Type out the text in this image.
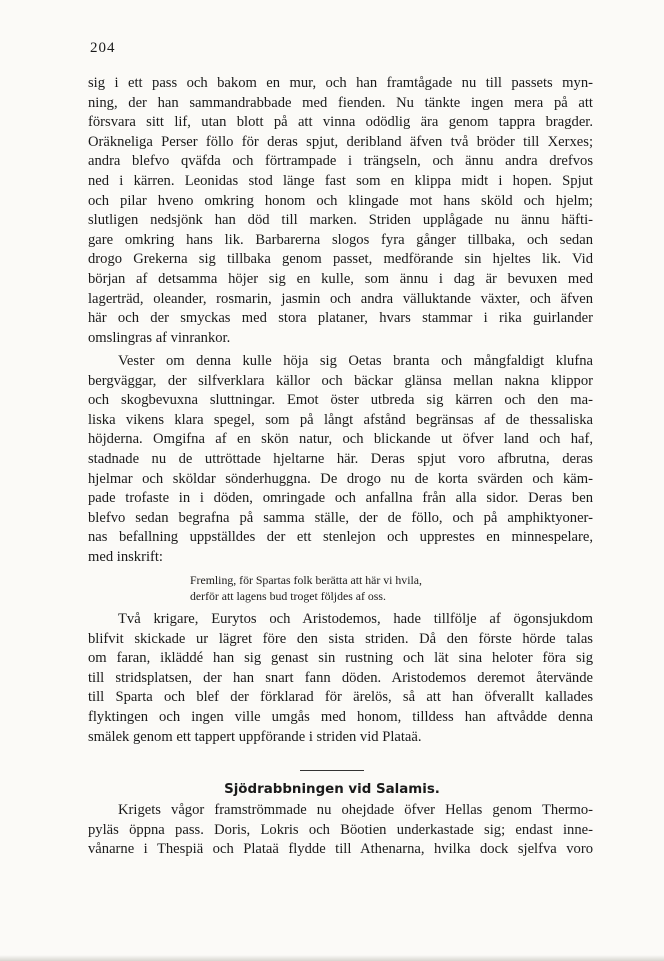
204
sig i ett pass och bakom en mur, och han framtågade nu till passets myn-
ning, der han sammandrabbade med fienden. Nu tänkte ingen mera på att
försvara sitt lif, utan blott på att vinna odödlig ära genom tappra bragder.
Oräkneliga Perser föllo för deras spjut, deribland äfven två bröder till Xerxes;
andra blefvo qväfda och förtrampade i trängseln, och ännu andra drefvos
ned i kärren. Leonidas stod länge fast som en klippa midt i hopen. Spjut
och pilar hveno omkring honom och klingade mot hans sköld och hjelm;
slutligen nedsjönk han död till marken. Striden upplågade nu ännu häfti-
gare omkring hans lik. Barbarerna slogos fyra gånger tillbaka, och sedan
drogo Grekerna sig tillbaka genom passet, medförande sin hjeltes lik. Vid
början af detsamma höjer sig en kulle, som ännu i dag är bevuxen med
lagerträd, oleander, rosmarin, jasmin och andra välluktande växter, och äfven
här och der smyckas med stora plataner, hvars stammar i rika guirlander
omslingras af vinrankor.
Vester om denna kulle höja sig Oetas branta och mångfaldigt klufna
bergväggar, der silfverklara källor och bäckar glänsa mellan nakna klippor
och skogbevuxna sluttningar. Emot öster utbreda sig kärren och den ma-
liska vikens klara spegel, som på långt afstånd begränsas af de thessaliska
höjderna. Omgifna af en skön natur, och blickande ut öfver land och haf,
stadnade nu de uttröttade hjeltarne här. Deras spjut voro afbrutna, deras
hjelmar och sköldar sönderhuggna. De drogo nu de korta svärden och käm-
pade trofaste in i döden, omringade och anfallna från alla sidor. Deras ben
blefvo sedan begrafna på samma ställe, der de föllo, och på amphiktyoner-
nas befallning uppställdes der ett stenlejon och upprestes en minnespelare,
med inskrift:
Fremling, för Spartas folk berätta att här vi hvila,
derför att lagens bud troget följdes af oss.
Två krigare, Eurytos och Aristodemos, hade tillfölje af ögonsjukdom
blifvit skickade ur lägret före den sista striden. Då den förste hörde talas
om faran, ikläddé han sig genast sin rustning och lät sina heloter föra sig
till stridsplatsen, der han snart fann döden. Aristodemos deremot återvände
till Sparta och blef der förklarad för ärelös, så att han öfverallt kallades
flyktingen och ingen ville umgås med honom, tilldess han aftvådde denna
smälek genom ett tappert uppförande i striden vid Plataä.
Sjödrabbningen vid Salamis.
Krigets vågor framströmmade nu ohejdade öfver Hellas genom Thermo-
pyläs öppna pass. Doris, Lokris och Böotien underkastade sig; endast inne-
vånarne i Thespiä och Plataä flydde till Athenarna, hvilka dock sjelfva voro
